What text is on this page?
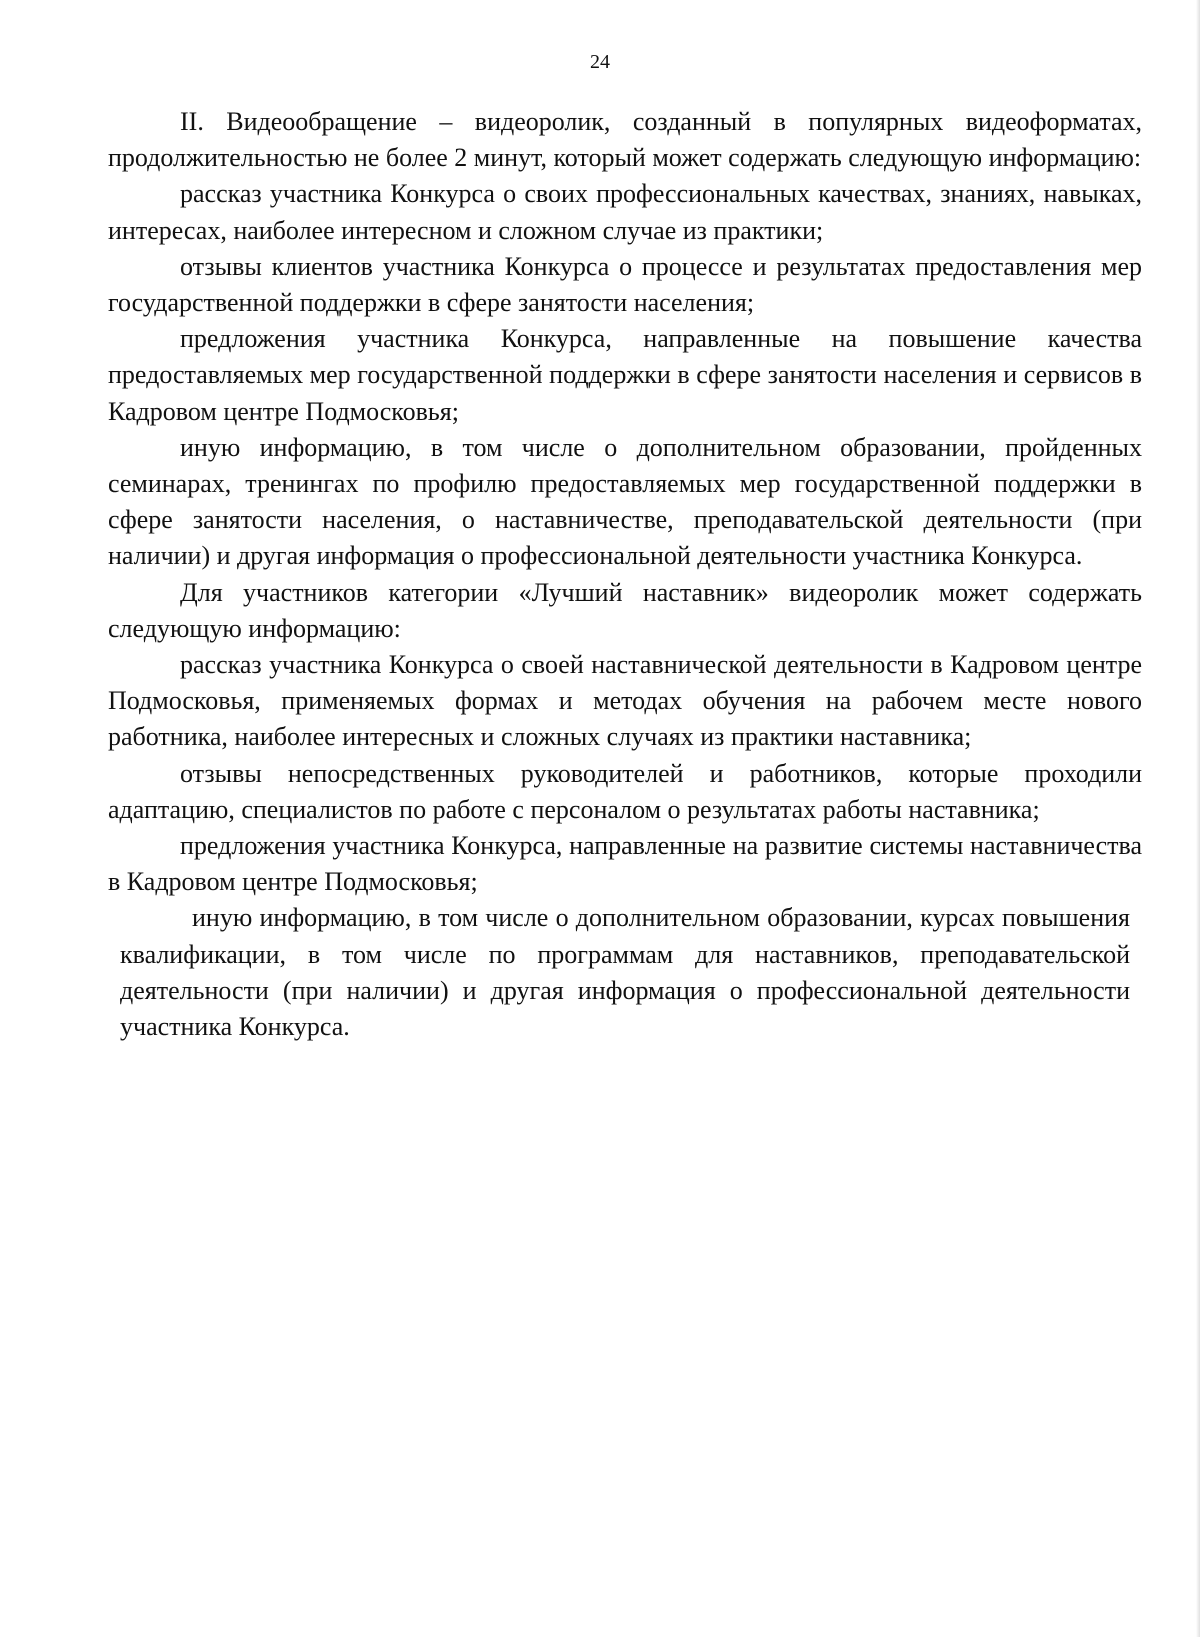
24

II. Видеообращение – видеоролик, созданный в популярных видеоформатах, продолжительностью не более 2 минут, который может содержать следующую информацию:

рассказ участника Конкурса о своих профессиональных качествах, знаниях, навыках, интересах, наиболее интересном и сложном случае из практики;

отзывы клиентов участника Конкурса о процессе и результатах предоставления мер государственной поддержки в сфере занятости населения;

предложения участника Конкурса, направленные на повышение качества предоставляемых мер государственной поддержки в сфере занятости населения и сервисов в Кадровом центре Подмосковья;

иную информацию, в том числе о дополнительном образовании, пройденных семинарах, тренингах по профилю предоставляемых мер государственной поддержки в сфере занятости населения, о наставничестве, преподавательской деятельности (при наличии) и другая информация о профессиональной деятельности участника Конкурса.

Для участников категории «Лучший наставник» видеоролик может содержать следующую информацию:

рассказ участника Конкурса о своей наставнической деятельности в Кадровом центре Подмосковья, применяемых формах и методах обучения на рабочем месте нового работника, наиболее интересных и сложных случаях из практики наставника;

отзывы непосредственных руководителей и работников, которые проходили адаптацию, специалистов по работе с персоналом о результатах работы наставника;

предложения участника Конкурса, направленные на развитие системы наставничества в Кадровом центре Подмосковья;

иную информацию, в том числе о дополнительном образовании, курсах повышения квалификации, в том числе по программам для наставников, преподавательской деятельности (при наличии) и другая информация о профессиональной деятельности участника Конкурса.
